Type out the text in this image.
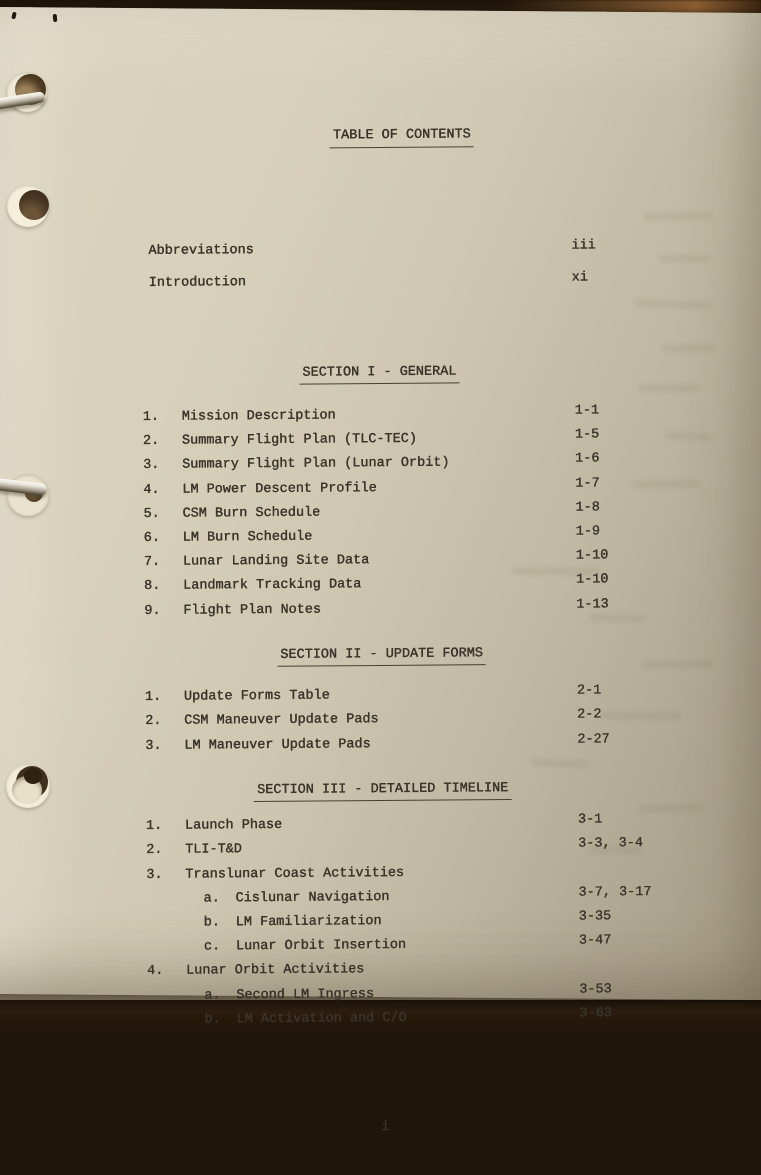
TABLE OF CONTENTS

Abbreviations	iii
Introduction	xi

SECTION I - GENERAL
1. Mission Description	1-1
2. Summary Flight Plan (TLC-TEC)	1-5
3. Summary Flight Plan (Lunar Orbit)	1-6
4. LM Power Descent Profile	1-7
5. CSM Burn Schedule	1-8
6. LM Burn Schedule	1-9
7. Lunar Landing Site Data	1-10
8. Landmark Tracking Data	1-10
9. Flight Plan Notes	1-13
SECTION II - UPDATE FORMS
1. Update Forms Table	2-1
2. CSM Maneuver Update Pads	2-2
3. LM Maneuver Update Pads	2-27
SECTION III - DETAILED TIMELINE
1. Launch Phase	3-1
2. TLI-T&D	3-3, 3-4
3. Translunar Coast Activities
a. Cislunar Navigation	3-7, 3-17
b. LM Familiarization	3-35
c. Lunar Orbit Insertion	3-47
4. Lunar Orbit Activities
a. Second LM Ingress	3-53
b. LM Activation and C/O	3-63

i
